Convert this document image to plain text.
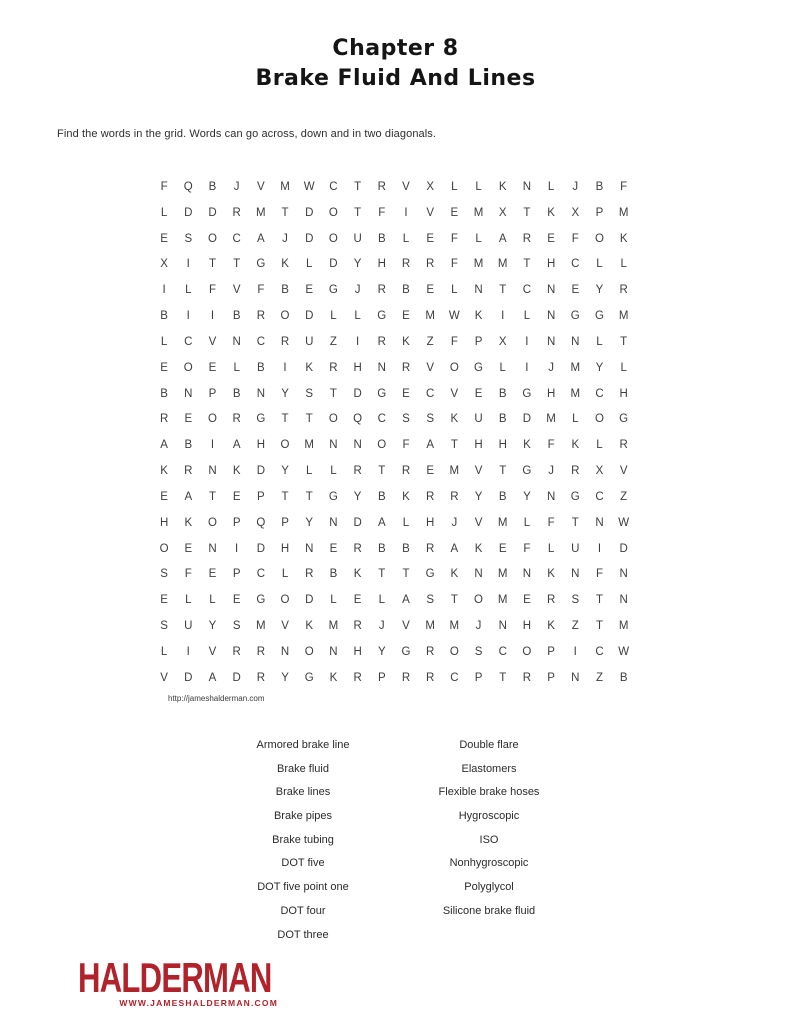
Chapter 8
Brake Fluid And Lines
Find the words in the grid. Words can go across, down and in two diagonals.
F	Q	B	J	V	M	W	C	T	R	V	X	L	L	K	N	L	J	B	F
L	D	D	R	M	T	D	O	T	F	I	V	E	M	X	T	K	X	P	M
E	S	O	C	A	J	D	O	U	B	L	E	F	L	A	R	E	F	O	K
X	I	T	T	G	K	L	D	Y	H	R	R	F	M	M	T	H	C	L	L
I	L	F	V	F	B	E	G	J	R	B	E	L	N	T	C	N	E	Y	R
B	I	I	B	R	O	D	L	L	G	E	M	W	K	I	L	N	G	G	M
L	C	V	N	C	R	U	Z	I	R	K	Z	F	P	X	I	N	N	L	T
E	O	E	L	B	I	K	R	H	N	R	V	O	G	L	I	J	M	Y	L
B	N	P	B	N	Y	S	T	D	G	E	C	V	E	B	G	H	M	C	H
R	E	O	R	G	T	T	O	Q	C	S	S	K	U	B	D	M	L	O	G
A	B	I	A	H	O	M	N	N	O	F	A	T	H	H	K	F	K	L	R
K	R	N	K	D	Y	L	L	R	T	R	E	M	V	T	G	J	R	X	V
E	A	T	E	P	T	T	G	Y	B	K	R	R	Y	B	Y	N	G	C	Z
H	K	O	P	Q	P	Y	N	D	A	L	H	J	V	M	L	F	T	N	W
O	E	N	I	D	H	N	E	R	B	B	R	A	K	E	F	L	U	I	D
S	F	E	P	C	L	R	B	K	T	T	G	K	N	M	N	K	N	F	N
E	L	L	E	G	O	D	L	E	L	A	S	T	O	M	E	R	S	T	N
S	U	Y	S	M	V	K	M	R	J	V	M	M	J	N	H	K	Z	T	M
L	I	V	R	R	N	O	N	H	Y	G	R	O	S	C	O	P	I	C	W
V	D	A	D	R	Y	G	K	R	P	R	R	C	P	T	R	P	N	Z	B
http://jameshalderman.com
Armored brake line
Brake fluid
Brake lines
Brake pipes
Brake tubing
DOT five
DOT five point one
DOT four
DOT three
Double flare
Elastomers
Flexible brake hoses
Hygroscopic
ISO
Nonhygroscopic
Polyglycol
Silicone brake fluid
HALDERMAN
WWW.JAMESHALDERMAN.COM
